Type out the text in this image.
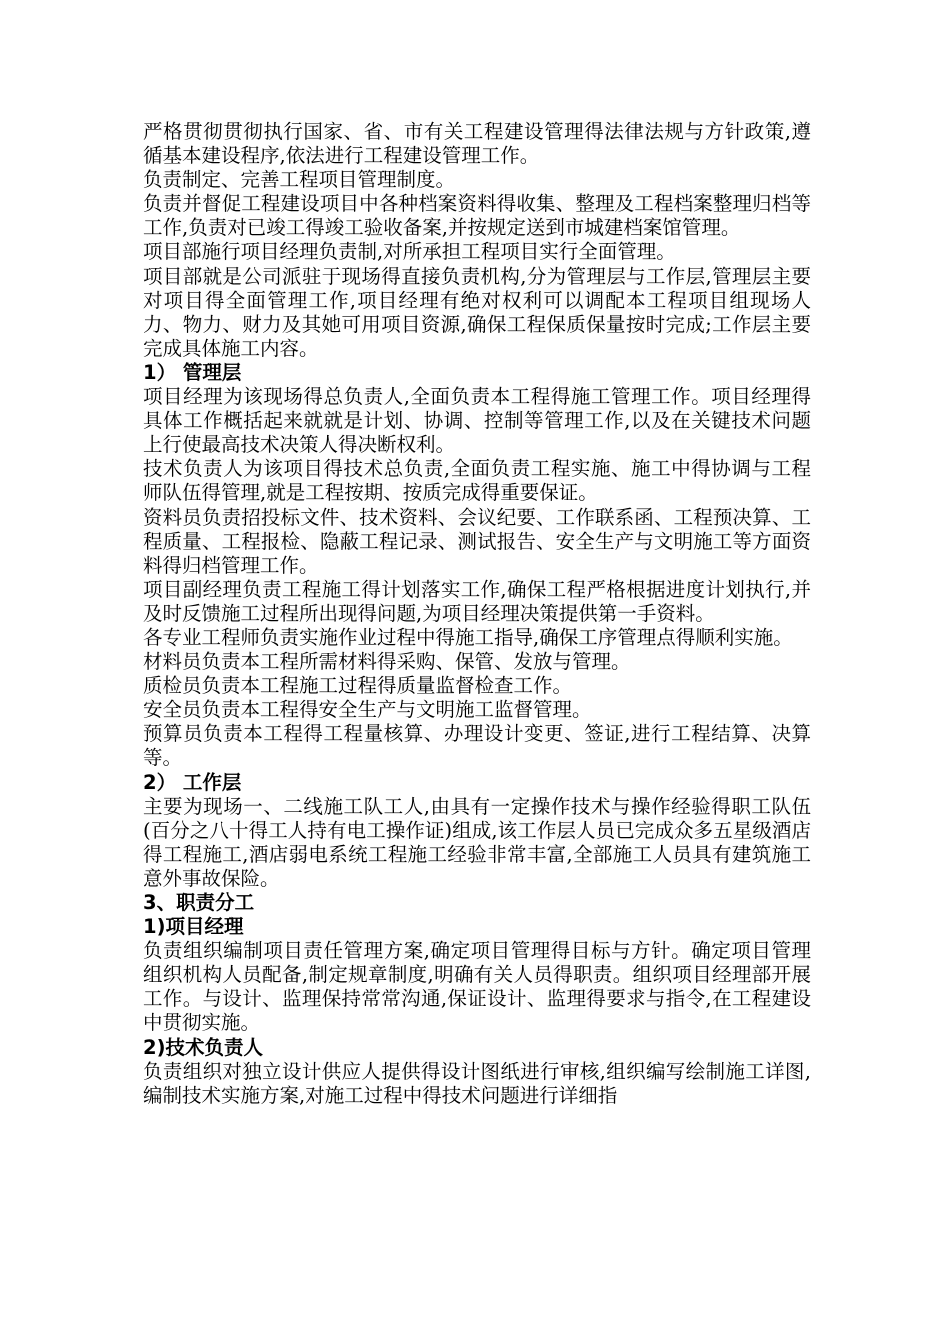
严格贯彻贯彻执行国家、省、市有关工程建设管理得法律法规与方针政策,遵循基本建设程序,依法进行工程建设管理工作。

负责制定、完善工程项目管理制度。

负责并督促工程建设项目中各种档案资料得收集、整理及工程档案整理归档等工作,负责对已竣工得竣工验收备案,并按规定送到市城建档案馆管理。

项目部施行项目经理负责制,对所承担工程项目实行全面管理。

项目部就是公司派驻于现场得直接负责机构,分为管理层与工作层,管理层主要对项目得全面管理工作,项目经理有绝对权利可以调配本工程项目组现场人力、物力、财力及其她可用项目资源,确保工程保质保量按时完成;工作层主要完成具体施工内容。

1） 管理层

项目经理为该现场得总负责人,全面负责本工程得施工管理工作。项目经理得具体工作概括起来就就是计划、协调、控制等管理工作,以及在关键技术问题上行使最高技术决策人得决断权利。

技术负责人为该项目得技术总负责,全面负责工程实施、施工中得协调与工程师队伍得管理,就是工程按期、按质完成得重要保证。

资料员负责招投标文件、技术资料、会议纪要、工作联系函、工程预决算、工程质量、工程报检、隐蔽工程记录、测试报告、安全生产与文明施工等方面资料得归档管理工作。

项目副经理负责工程施工得计划落实工作,确保工程严格根据进度计划执行,并及时反馈施工过程所出现得问题,为项目经理决策提供第一手资料。

各专业工程师负责实施作业过程中得施工指导,确保工序管理点得顺利实施。

材料员负责本工程所需材料得采购、保管、发放与管理。

质检员负责本工程施工过程得质量监督检查工作。

安全员负责本工程得安全生产与文明施工监督管理。

预算员负责本工程得工程量核算、办理设计变更、签证,进行工程结算、决算等。

2） 工作层

主要为现场一、二线施工队工人,由具有一定操作技术与操作经验得职工队伍(百分之八十得工人持有电工操作证)组成,该工作层人员已完成众多五星级酒店得工程施工,酒店弱电系统工程施工经验非常丰富,全部施工人员具有建筑施工意外事故保险。

3、职责分工
1)项目经理

负责组织编制项目责任管理方案,确定项目管理得目标与方针。确定项目管理组织机构人员配备,制定规章制度,明确有关人员得职责。组织项目经理部开展工作。与设计、监理保持常常沟通,保证设计、监理得要求与指令,在工程建设中贯彻实施。

2)技术负责人

负责组织对独立设计供应人提供得设计图纸进行审核,组织编写绘制施工详图,编制技术实施方案,对施工过程中得技术问题进行详细指
